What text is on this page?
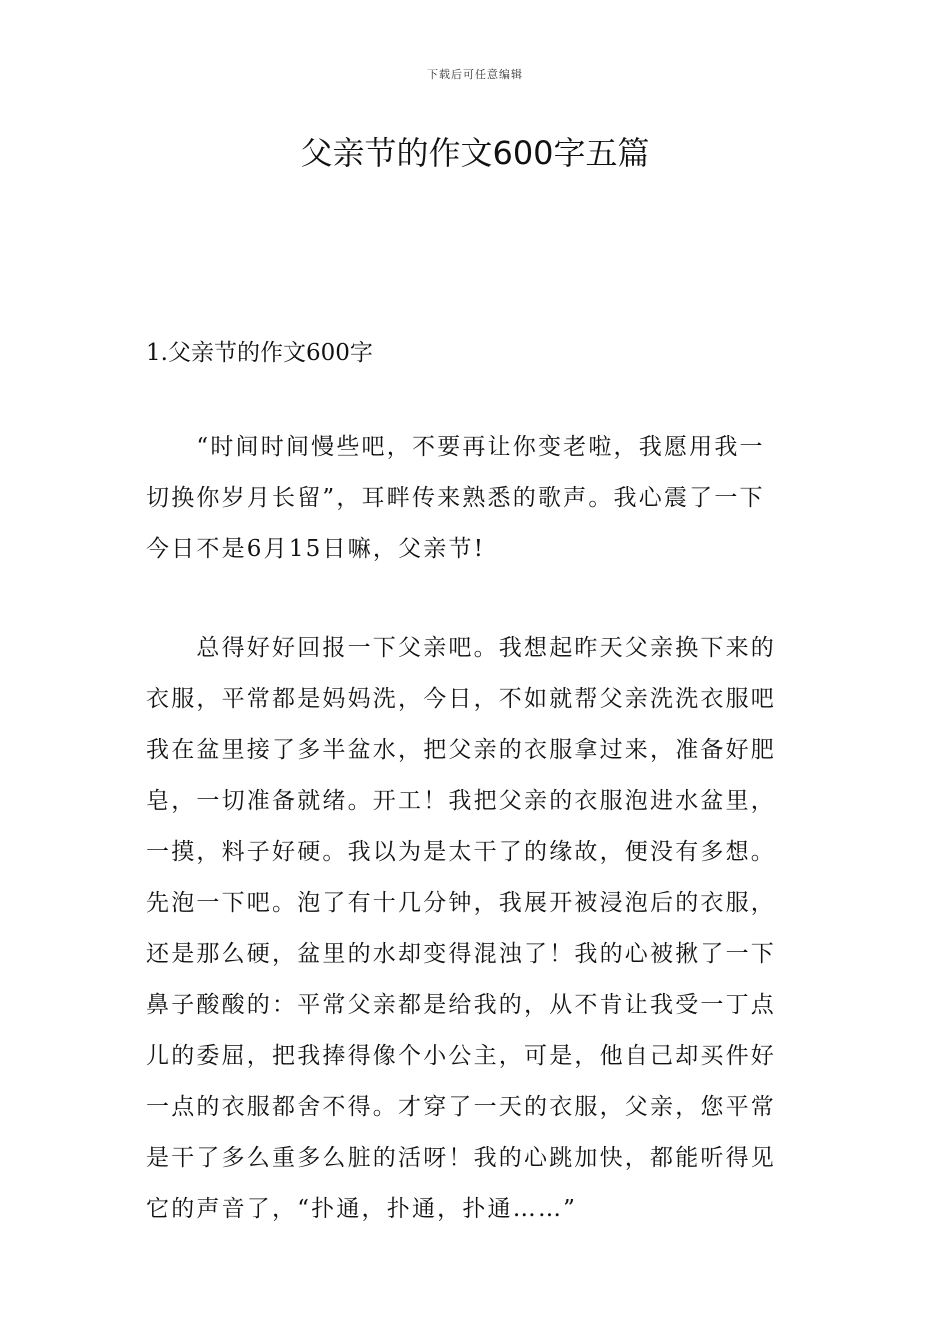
下载后可任意编辑
父亲节的作文600字五篇
1.父亲节的作文600字
　　“时间时间慢些吧，不要再让你变老啦，我愿用我一
切换你岁月长留”，耳畔传来熟悉的歌声。我心震了一下
今日不是6月15日嘛，父亲节!
　　总得好好回报一下父亲吧。我想起昨天父亲换下来的
衣服，平常都是妈妈洗，今日，不如就帮父亲洗洗衣服吧
我在盆里接了多半盆水，把父亲的衣服拿过来，准备好肥
皂，一切准备就绪。开工！我把父亲的衣服泡进水盆里，
一摸，料子好硬。我以为是太干了的缘故，便没有多想。
先泡一下吧。泡了有十几分钟，我展开被浸泡后的衣服，
还是那么硬，盆里的水却变得混浊了！我的心被揪了一下
鼻子酸酸的：平常父亲都是给我的，从不肯让我受一丁点
儿的委屈，把我捧得像个小公主，可是，他自己却买件好
一点的衣服都舍不得。才穿了一天的衣服，父亲，您平常
是干了多么重多么脏的活呀！我的心跳加快，都能听得见
它的声音了，“扑通，扑通，扑通……”
